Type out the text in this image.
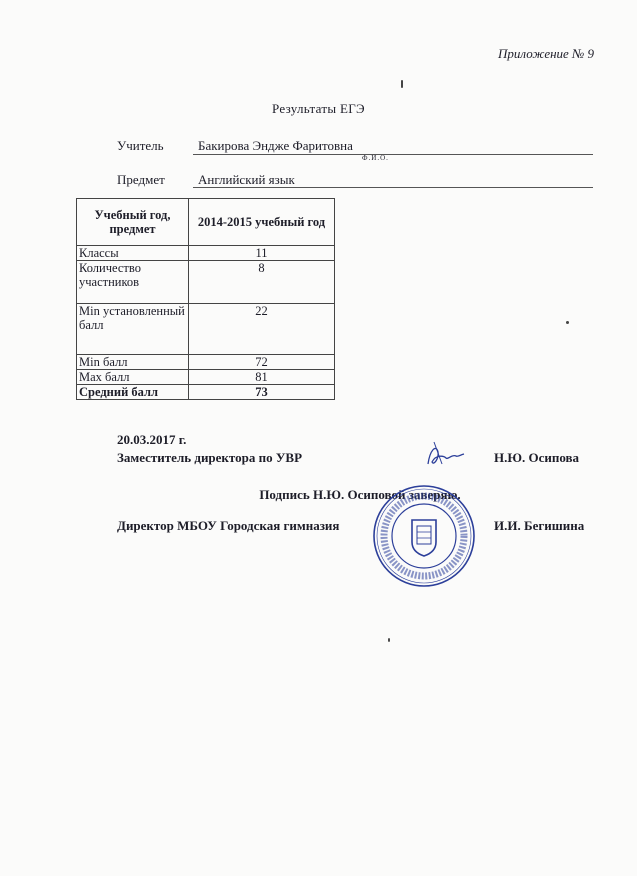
Приложение № 9
Результаты ЕГЭ
Учитель	Бакирова Эндже Фаритовна
Ф.И.О.
Предмет	Английский язык
Учебный год, предмет	2014-2015 учебный год
Классы	11
Количество участников	8
Min установленный балл	22
Min балл	72
Max балл	81
Средний балл	73
20.03.2017 г.
Заместитель директора по УВР	Н.Ю. Осипова
Подпись Н.Ю. Осиповой заверяю.
Директор МБОУ Городская гимназия	И.И. Бегишина
